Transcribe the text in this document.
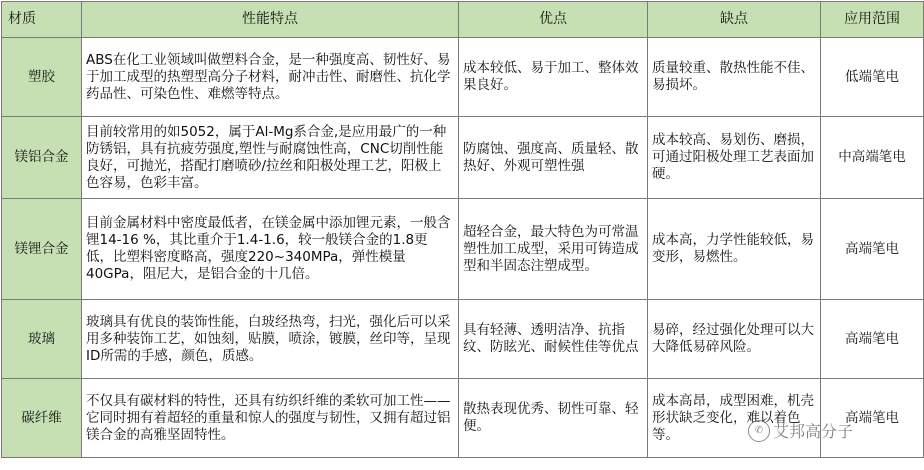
材质	性能特点	优点	缺点	应用范围
塑胶	ABS在化工业领域叫做塑料合金，是一种强度高、韧性好、易于加工成型的热塑型高分子材料，耐冲击性、耐磨性、抗化学药品性、可染色性、难燃等特点。	成本较低、易于加工、整体效果良好。	质量较重、散热性能不佳、易损坏。	低端笔电
镁铝合金	目前较常用的如5052，属于Al-Mg系合金,是应用最广的一种防锈铝，具有抗疲劳强度,塑性与耐腐蚀性高，CNC切削性能良好，可抛光，搭配打磨喷砂/拉丝和阳极处理工艺，阳极上色容易，色彩丰富。	防腐蚀、强度高、质量轻、散热好、外观可塑性强	成本较高、易划伤、磨损，可通过阳极处理工艺表面加硬。	中高端笔电
镁锂合金	目前金属材料中密度最低者，在镁金属中添加锂元素，一般含锂14-16 %，其比重介于1.4-1.6，较一般镁合金的1.8更低，比塑料密度略高，强度220~340MPa，弹性模量40GPa，阻尼大，是铝合金的十几倍。	超轻合金，最大特色为可常温塑性加工成型，采用可铸造成型和半固态注塑成型。	成本高，力学性能较低，易变形，易燃性。	高端笔电
玻璃	玻璃具有优良的装饰性能，白玻经热弯，扫光，强化后可以采用多种装饰工艺，如蚀刻，贴膜，喷涂，镀膜，丝印等，呈现ID所需的手感，颜色，质感。	具有轻薄、透明洁净、抗指纹、防眩光、耐候性佳等优点	易碎，经过强化处理可以大大降低易碎风险。	高端笔电
碳纤维	不仅具有碳材料的特性，还具有纺织纤维的柔软可加工性——它同时拥有着超轻的重量和惊人的强度与韧性，又拥有超过铝镁合金的高雅坚固特性。	散热表现优秀、韧性可靠、轻便。	成本高昂，成型困难，机壳形状缺乏变化，难以着色等。	高端笔电
✆ 艾邦高分子
